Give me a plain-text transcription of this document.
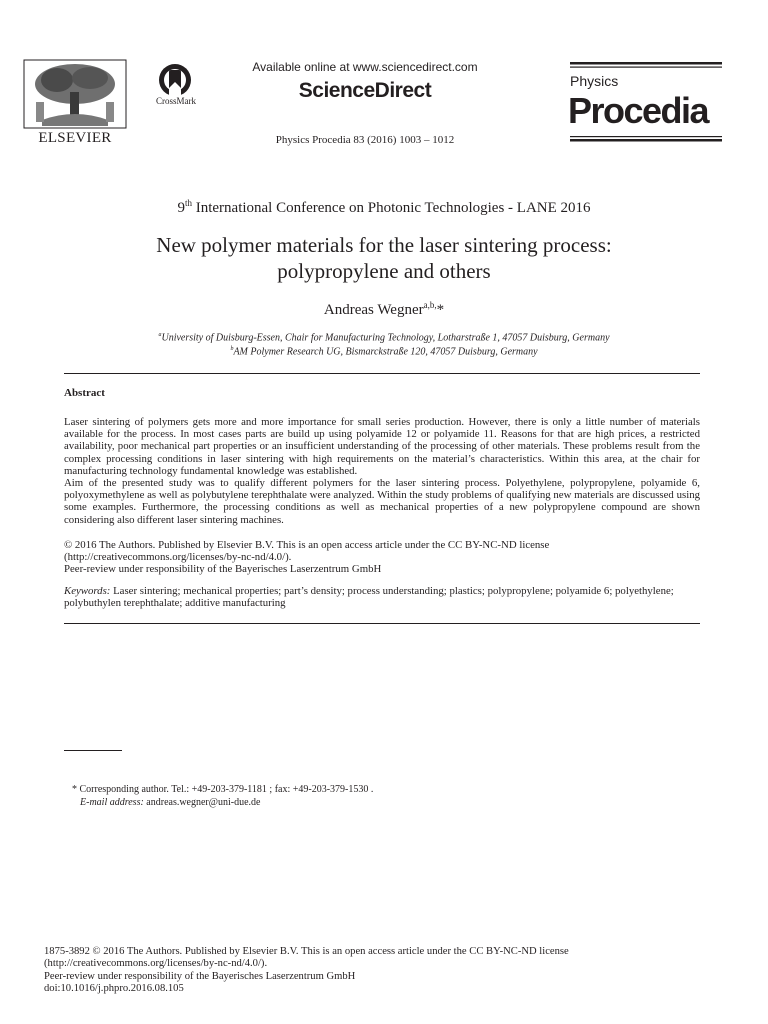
ELSEVIER
CrossMark
Available online at www.sciencedirect.com
ScienceDirect
Physics Procedia 83 (2016) 1003 – 1012
Physics
Procedia
9th International Conference on Photonic Technologies - LANE 2016
New polymer materials for the laser sintering process:
polypropylene and others
Andreas Wegner$^{a,b,}$*
$^a$University of Duisburg-Essen, Chair for Manufacturing Technology, Lotharstraße 1, 47057 Duisburg, Germany
$^b$AM Polymer Research UG, Bismarckstraße 120, 47057 Duisburg, Germany
Abstract

Laser sintering of polymers gets more and more importance for small series production. However, there is only a little number of materials available for the process. In most cases parts are build up using polyamide 12 or polyamide 11. Reasons for that are high prices, a restricted availability, poor mechanical part properties or an insufficient understanding of the processing of other materials. These problems result from the complex processing conditions in laser sintering with high requirements on the material’s characteristics. Within this area, at the chair for manufacturing technology fundamental knowledge was established.

Aim of the presented study was to qualify different polymers for the laser sintering process. Polyethylene, polypropylene, polyamide 6, polyoxymethylene as well as polybutylene terephthalate were analyzed. Within the study problems of qualifying new materials are discussed using some examples. Furthermore, the processing conditions as well as mechanical properties of a new polypropylene compound are shown considering also different laser sintering machines.

© 2016 The Authors. Published by Elsevier B.V. This is an open access article under the CC BY-NC-ND license
(http://creativecommons.org/licenses/by-nc-nd/4.0/).
Peer-review under responsibility of the Bayerisches Laserzentrum GmbH
Keywords: Laser sintering; mechanical properties; part’s density; process understanding; plastics; polypropylene; polyamide 6; polyethylene; polybuthylen terephthalate; additive manufacturing
* Corresponding author. Tel.: +49-203-379-1181 ; fax: +49-203-379-1530 .
E-mail address: andreas.wegner@uni-due.de
1875-3892 © 2016 The Authors. Published by Elsevier B.V. This is an open access article under the CC BY-NC-ND license
(http://creativecommons.org/licenses/by-nc-nd/4.0/).
Peer-review under responsibility of the Bayerisches Laserzentrum GmbH
doi:10.1016/j.phpro.2016.08.105
